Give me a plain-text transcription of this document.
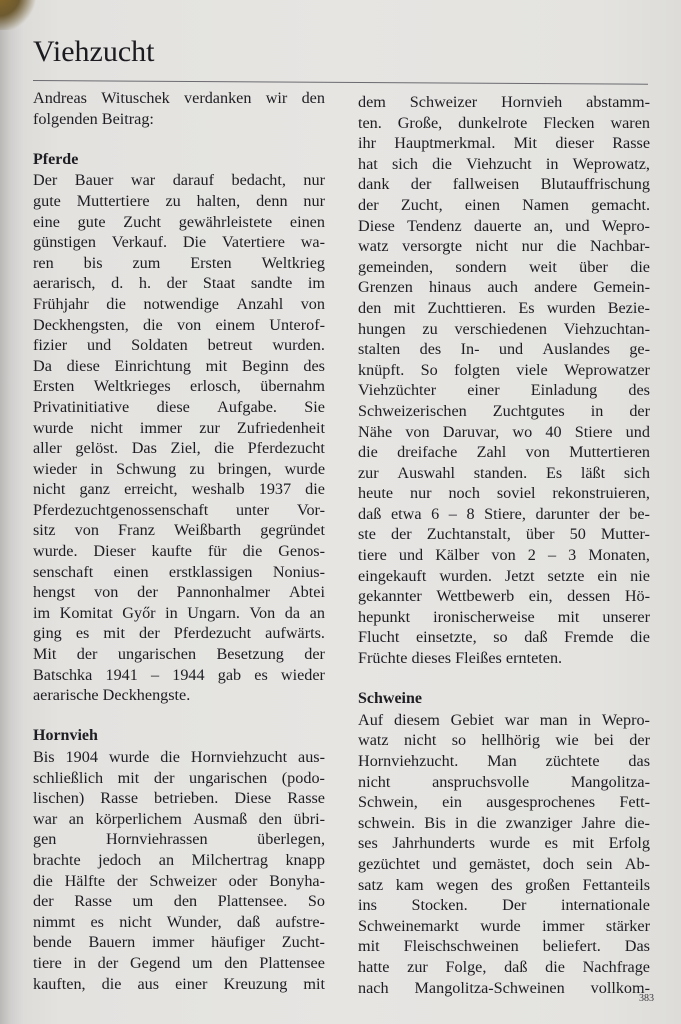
Viehzucht
Andreas Wituschek verdanken wir den
folgenden Beitrag:
Pferde
Der Bauer war darauf bedacht, nur
gute Muttertiere zu halten, denn nur
eine gute Zucht gewährleistete einen
günstigen Verkauf. Die Vatertiere wa-
ren bis zum Ersten Weltkrieg
aerarisch, d. h. der Staat sandte im
Frühjahr die notwendige Anzahl von
Deckhengsten, die von einem Unterof-
fizier und Soldaten betreut wurden.
Da diese Einrichtung mit Beginn des
Ersten Weltkrieges erlosch, übernahm
Privatinitiative diese Aufgabe. Sie
wurde nicht immer zur Zufriedenheit
aller gelöst. Das Ziel, die Pferdezucht
wieder in Schwung zu bringen, wurde
nicht ganz erreicht, weshalb 1937 die
Pferdezuchtgenossenschaft unter Vor-
sitz von Franz Weißbarth gegründet
wurde. Dieser kaufte für die Genos-
senschaft einen erstklassigen Nonius-
hengst von der Pannonhalmer Abtei
im Komitat Győr in Ungarn. Von da an
ging es mit der Pferdezucht aufwärts.
Mit der ungarischen Besetzung der
Batschka 1941 – 1944 gab es wieder
aerarische Deckhengste.
Hornvieh
Bis 1904 wurde die Hornviehzucht aus-
schließlich mit der ungarischen (podo-
lischen) Rasse betrieben. Diese Rasse
war an körperlichem Ausmaß den übri-
gen	Hornviehrassen	überlegen,
brachte jedoch an Milchertrag knapp
die Hälfte der Schweizer oder Bonyha-
der Rasse um den Plattensee. So
nimmt es nicht Wunder, daß aufstre-
bende Bauern immer häufiger Zucht-
tiere in der Gegend um den Plattensee
kauften, die aus einer Kreuzung mit
dem Schweizer Hornvieh abstamm-
ten. Große, dunkelrote Flecken waren
ihr Hauptmerkmal. Mit dieser Rasse
hat sich die Viehzucht in Weprowatz,
dank der fallweisen Blutauffrischung
der Zucht, einen Namen gemacht.
Diese Tendenz dauerte an, und Wepro-
watz versorgte nicht nur die Nachbar-
gemeinden, sondern weit über die
Grenzen hinaus auch andere Gemein-
den mit Zuchttieren. Es wurden Bezie-
hungen zu verschiedenen Viehzuchtan-
stalten des In- und Auslandes ge-
knüpft. So folgten viele Weprowatzer
Viehzüchter einer Einladung des
Schweizerischen Zuchtgutes in der
Nähe von Daruvar, wo 40 Stiere und
die dreifache Zahl von Muttertieren
zur Auswahl standen. Es läßt sich
heute nur noch soviel rekonstruieren,
daß etwa 6 – 8 Stiere, darunter der be-
ste der Zuchtanstalt, über 50 Mutter-
tiere und Kälber von 2 – 3 Monaten,
eingekauft wurden. Jetzt setzte ein nie
gekannter Wettbewerb ein, dessen Hö-
hepunkt ironischerweise mit unserer
Flucht einsetzte, so daß Fremde die
Früchte dieses Fleißes ernteten.
Schweine
Auf diesem Gebiet war man in Wepro-
watz nicht so hellhörig wie bei der
Hornviehzucht. Man züchtete das
nicht	anspruchsvolle	Mangolitza-
Schwein, ein ausgesprochenes Fett-
schwein. Bis in die zwanziger Jahre die-
ses Jahrhunderts wurde es mit Erfolg
gezüchtet und gemästet, doch sein Ab-
satz kam wegen des großen Fettanteils
ins Stocken. Der internationale
Schweinemarkt wurde immer stärker
mit Fleischschweinen beliefert. Das
hatte zur Folge, daß die Nachfrage
nach Mangolitza-Schweinen vollkom-
383
